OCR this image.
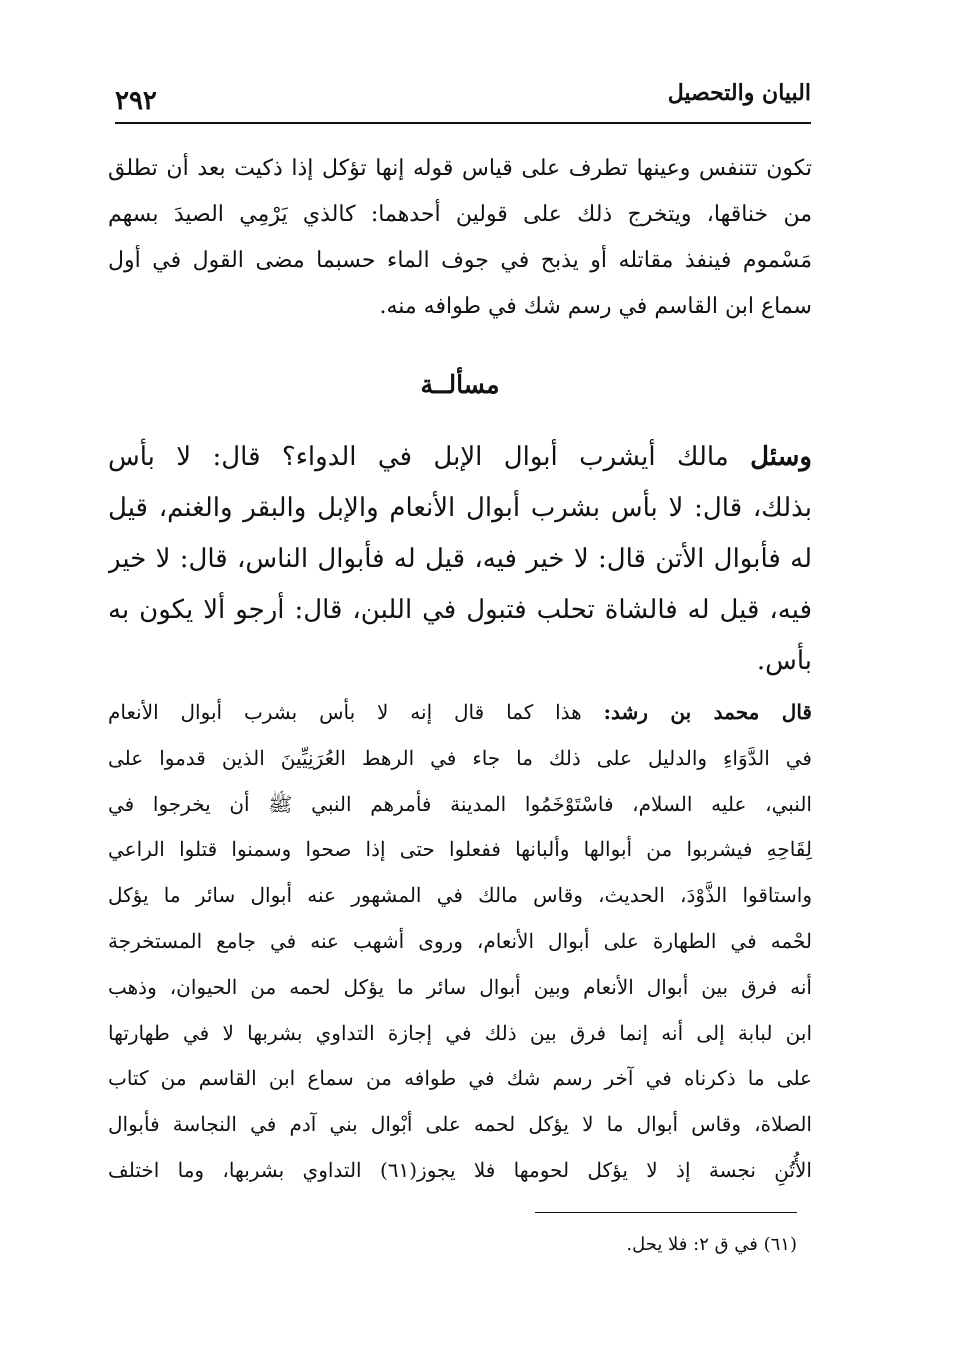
البيان والتحصيل
٢٩٢
تكون تتنفس وعينها تطرف على قياس قوله إنها تؤكل إذا ذكيت بعد أن تطلق
من خناقها، ويتخرج ذلك على قولين أحدهما: كالذي يَرْمِي الصيدَ بسهم
مَسْموم فينفذ مقاتله أو يذبح في جوف الماء حسبما مضى القول في أول
سماع ابن القاسم في رسم شك في طوافه منه.
مسألــة
وسئل مالك أيشرب أبوال الإبل في الدواء؟ قال: لا بأس
بذلك، قال: لا بأس بشرب أبوال الأنعام والإبل والبقر والغنم، قيل
له فأبوال الأتن قال: لا خير فيه، قيل له فأبوال الناس، قال: لا خير
فيه، قيل له فالشاة تحلب فتبول في اللبن، قال: أرجو ألا يكون به
بأس.
قال محمد بن رشد: هذا كما قال إنه لا بأس بشرب أبوال الأنعام
في الدَّوَاءِ والدليل على ذلك ما جاء في الرهط العُرَنِيِّينَ الذين قدموا على
النبي، عليه السلام، فاسْتَوْخَمُوا المدينة فأمرهم النبي ﷺ أن يخرجوا في
لِقَاحِهِ فيشربوا من أبوالها وألبانها ففعلوا حتى إذا صحوا وسمنوا قتلوا الراعي
واستاقوا الذَّوْدَ، الحديث، وقاس مالك في المشهور عنه أبوال سائر ما يؤكل
لحْمه في الطهارة على أبوال الأنعام، وروى أشهب عنه في جامع المستخرجة
أنه فرق بين أبوال الأنعام وبين أبوال سائر ما يؤكل لحمه من الحيوان، وذهب
ابن لبابة إلى أنه إنما فرق بين ذلك في إجازة التداوي بشربها لا في طهارتها
على ما ذكرناه في آخر رسم شك في طوافه من سماع ابن القاسم من كتاب
الصلاة، وقاس أبوال ما لا يؤكل لحمه على أبْوال بني آدم في النجاسة فأبوال
الأُتُنِ نجسة إذ لا يؤكل لحومها فلا يجوز(٦١) التداوي بشربها، وما اختلف
(٦١) في ق ٢: فلا يحل.
